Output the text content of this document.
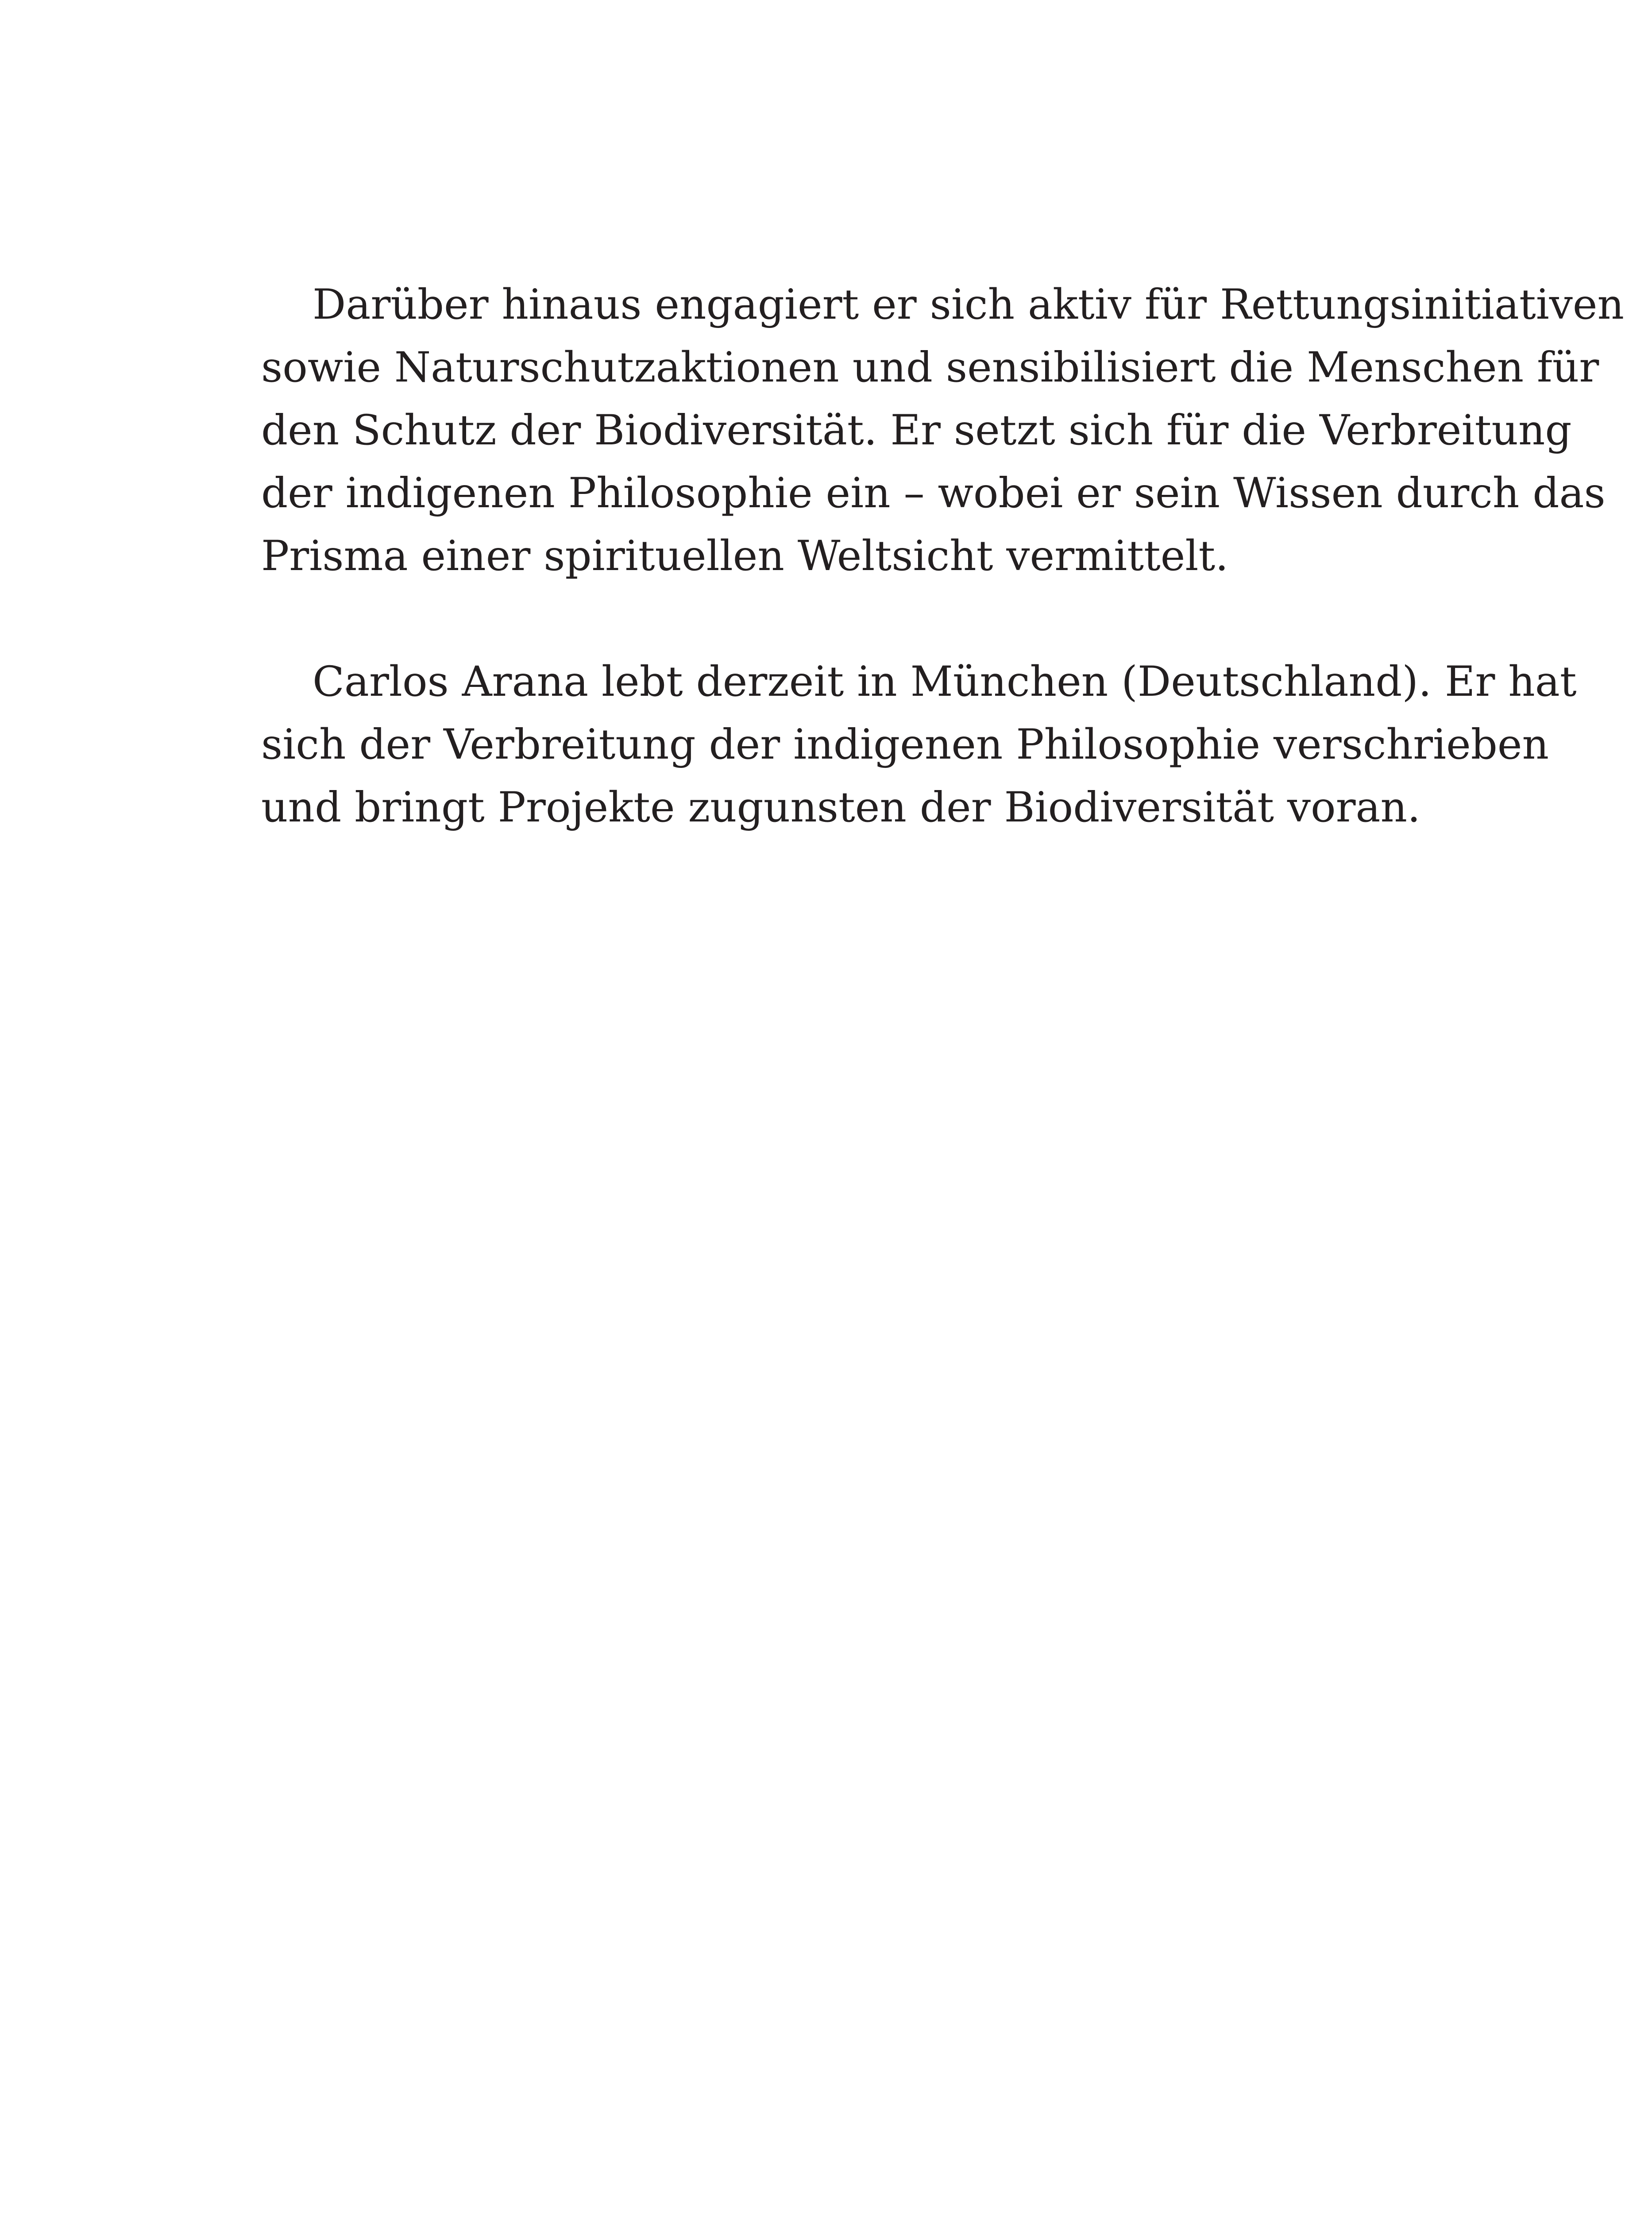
Darüber hinaus engagiert er sich aktiv für Rettungsinitiativen
sowie Naturschutzaktionen und sensibilisiert die Menschen für
den Schutz der Biodiversität. Er setzt sich für die Verbreitung
der indigenen Philosophie ein – wobei er sein Wissen durch das
Prisma einer spirituellen Weltsicht vermittelt.
Carlos Arana lebt derzeit in München (Deutschland). Er hat
sich der Verbreitung der indigenen Philosophie verschrieben
und bringt Projekte zugunsten der Biodiversität voran.
